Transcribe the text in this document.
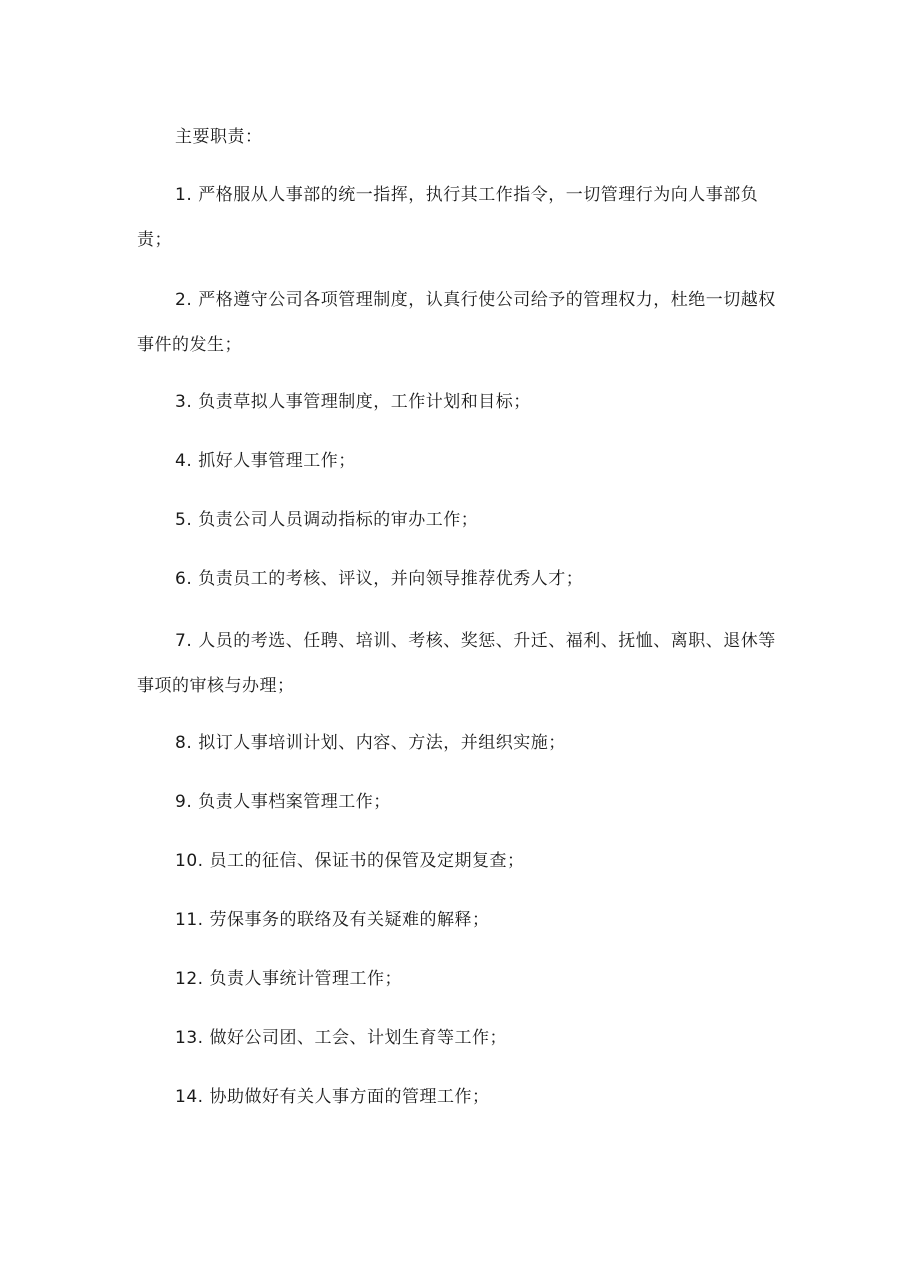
主要职责：
1. 严格服从人事部的统一指挥，执行其工作指令，一切管理行为向人事部负责；
2. 严格遵守公司各项管理制度，认真行使公司给予的管理权力，杜绝一切越权事件的发生；
3. 负责草拟人事管理制度，工作计划和目标；
4. 抓好人事管理工作；
5. 负责公司人员调动指标的审办工作；
6. 负责员工的考核、评议，并向领导推荐优秀人才；
7. 人员的考选、任聘、培训、考核、奖惩、升迁、福利、抚恤、离职、退休等事项的审核与办理；
8. 拟订人事培训计划、内容、方法，并组织实施；
9. 负责人事档案管理工作；
10. 员工的征信、保证书的保管及定期复查；
11. 劳保事务的联络及有关疑难的解释；
12. 负责人事统计管理工作；
13. 做好公司团、工会、计划生育等工作；
14. 协助做好有关人事方面的管理工作；
